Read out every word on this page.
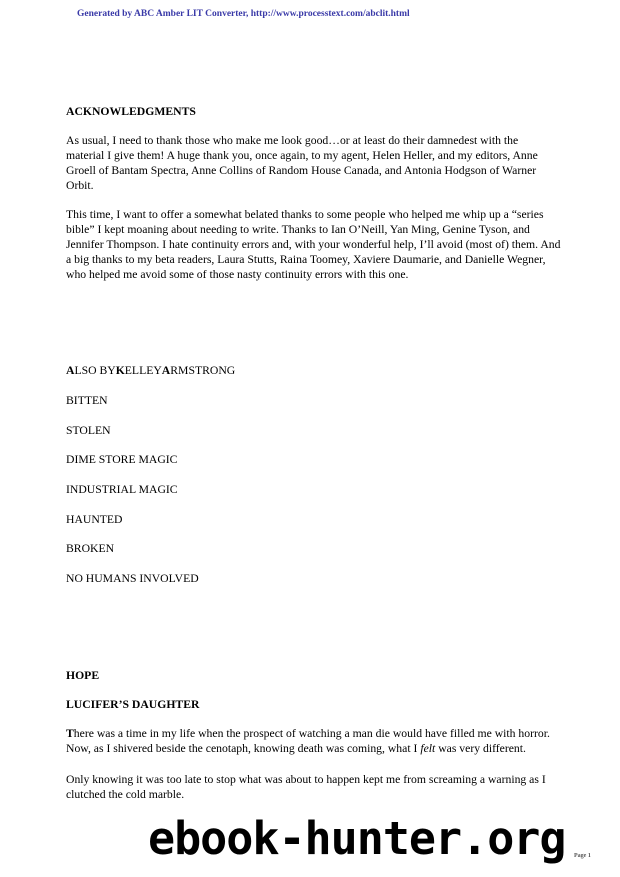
Generated by ABC Amber LIT Converter, http://www.processtext.com/abclit.html
ACKNOWLEDGMENTS
As usual, I need to thank those who make me look good…or at least do their damnedest with the
material I give them! A huge thank you, once again, to my agent, Helen Heller, and my editors, Anne
Groell of Bantam Spectra, Anne Collins of Random House Canada, and Antonia Hodgson of Warner
Orbit.
This time, I want to offer a somewhat belated thanks to some people who helped me whip up a “series
bible” I kept moaning about needing to write. Thanks to Ian O’Neill, Yan Ming, Genine Tyson, and
Jennifer Thompson. I hate continuity errors and, with your wonderful help, I’ll avoid (most of) them. And
a big thanks to my beta readers, Laura Stutts, Raina Toomey, Xaviere Daumarie, and Danielle Wegner,
who helped me avoid some of those nasty continuity errors with this one.
ALSO BYKELLEYARMSTRONG
BITTEN
STOLEN
DIME STORE MAGIC
INDUSTRIAL MAGIC
HAUNTED
BROKEN
NO HUMANS INVOLVED
HOPE
LUCIFER’S DAUGHTER
There was a time in my life when the prospect of watching a man die would have filled me with horror.
Now, as I shivered beside the cenotaph, knowing death was coming, what I felt was very different.
Only knowing it was too late to stop what was about to happen kept me from screaming a warning as I
clutched the cold marble.
ebook-hunter.org Page 1
